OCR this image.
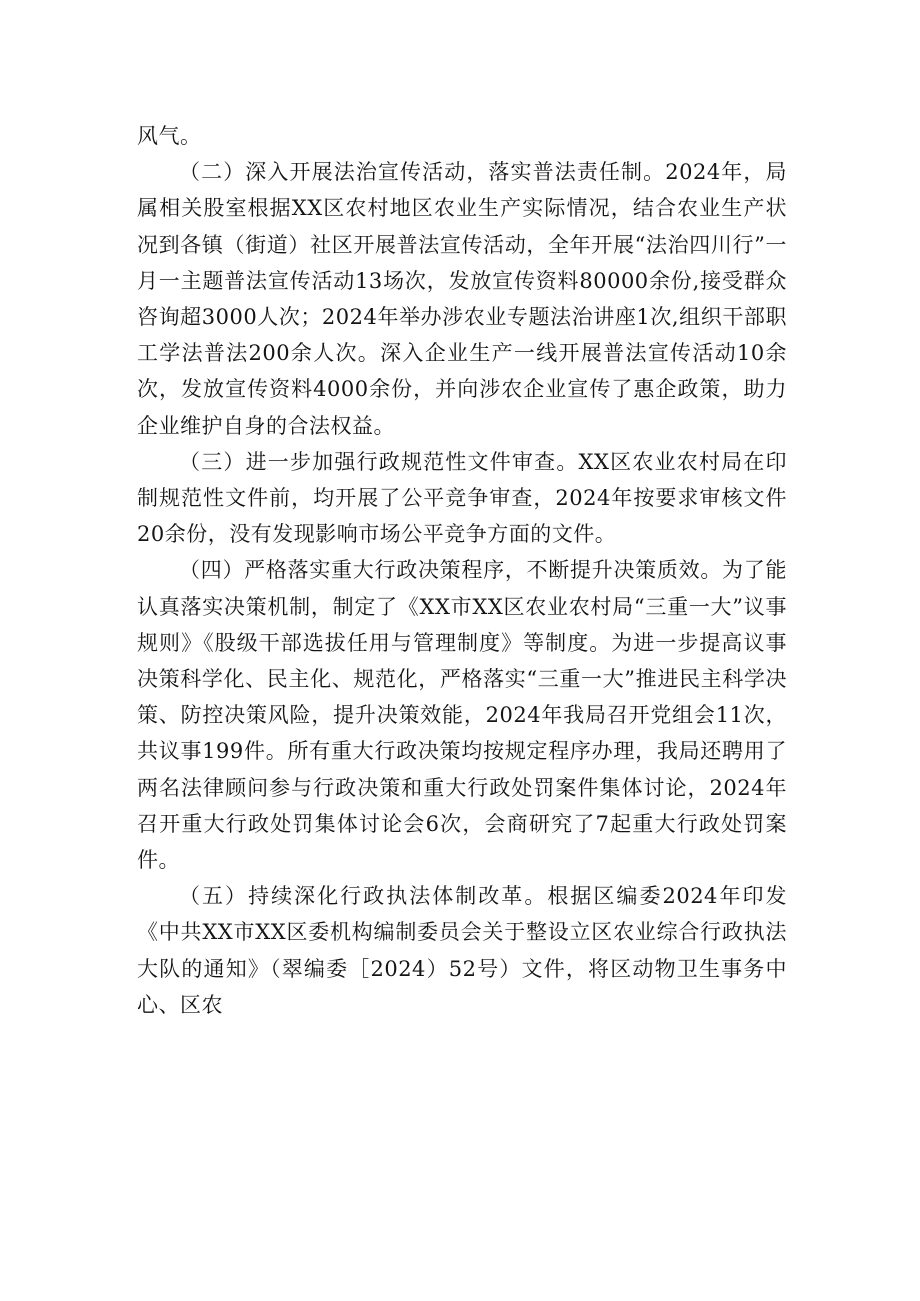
风气。

（二）深入开展法治宣传活动，落实普法责任制。2024年，局属相关股室根据XX区农村地区农业生产实际情况，结合农业生产状况到各镇（街道）社区开展普法宣传活动，全年开展“法治四川行”一月一主题普法宣传活动13场次，发放宣传资料80000余份,接受群众咨询超3000人次；2024年举办涉农业专题法治讲座1次,组织干部职工学法普法200余人次。深入企业生产一线开展普法宣传活动10余次，发放宣传资料4000余份，并向涉农企业宣传了惠企政策，助力企业维护自身的合法权益。

（三）进一步加强行政规范性文件审查。XX区农业农村局在印制规范性文件前，均开展了公平竞争审查，2024年按要求审核文件20余份，没有发现影响市场公平竞争方面的文件。

（四）严格落实重大行政决策程序，不断提升决策质效。为了能认真落实决策机制，制定了《XX市XX区农业农村局“三重一大”议事规则》《股级干部选拔任用与管理制度》等制度。为进一步提高议事决策科学化、民主化、规范化，严格落实“三重一大”推进民主科学决策、防控决策风险，提升决策效能，2024年我局召开党组会11次，共议事199件。所有重大行政决策均按规定程序办理，我局还聘用了两名法律顾问参与行政决策和重大行政处罚案件集体讨论，2024年召开重大行政处罚集体讨论会6次，会商研究了7起重大行政处罚案件。

（五）持续深化行政执法体制改革。根据区编委2024年印发《中共XX市XX区委机构编制委员会关于整设立区农业综合行政执法大队的通知》（翠编委［2024）52号）文件，将区动物卫生事务中心、区农
